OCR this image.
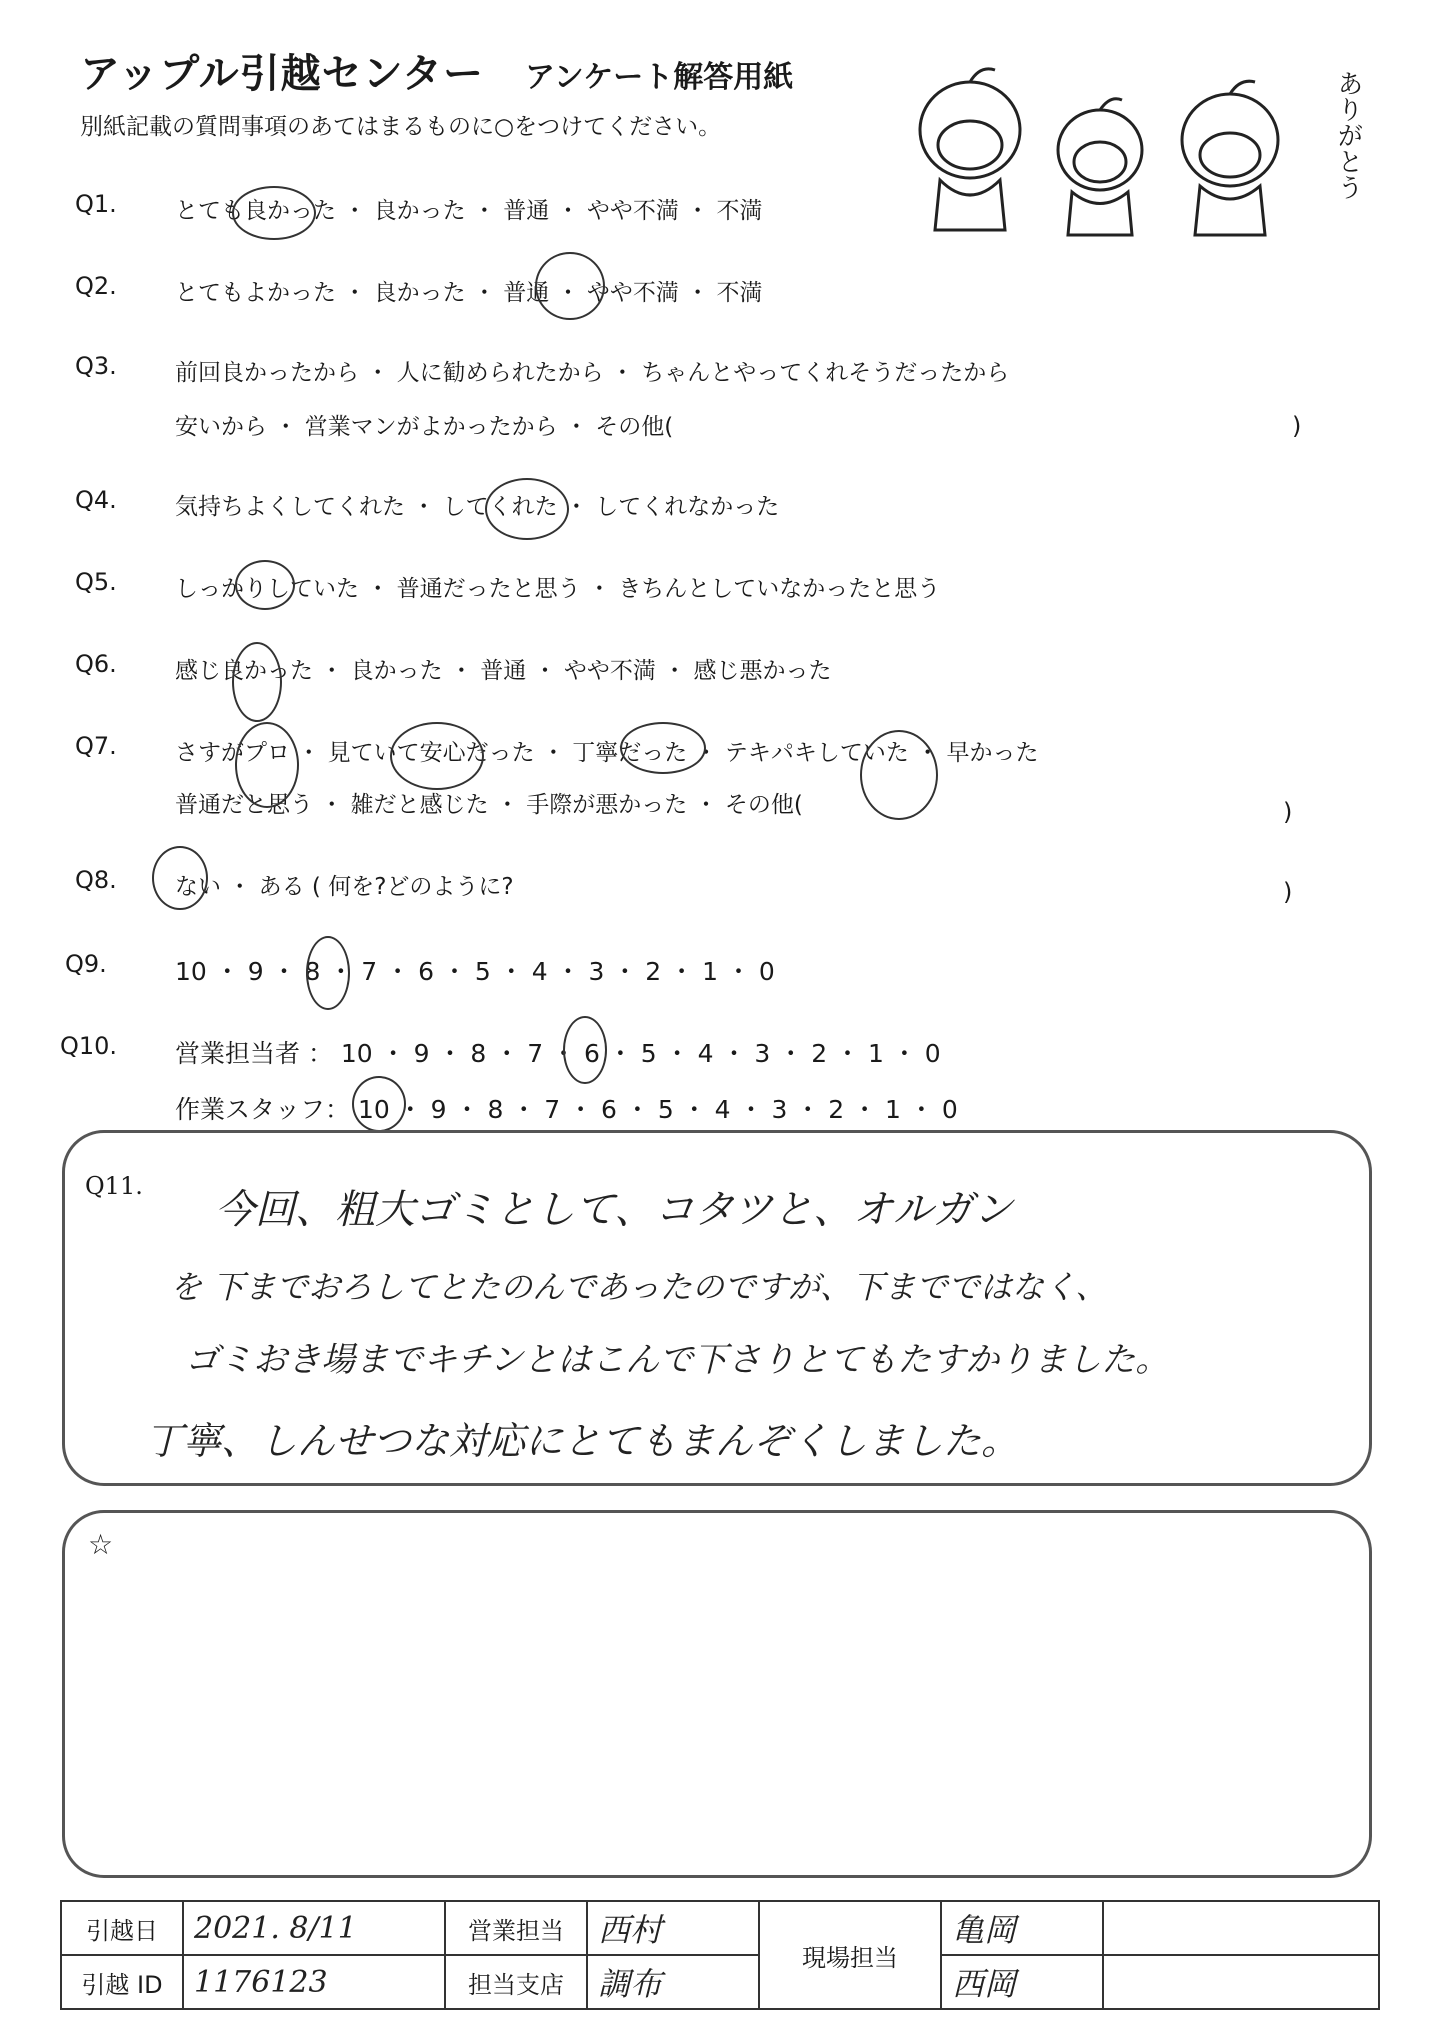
アップル引越センター アンケート解答用紙
別紙記載の質問事項のあてはまるものに○をつけてください。	ありがとう
Q1.	とても良かった ・ 良かった ・ 普通 ・ やや不満 ・ 不満
Q2.	とてもよかった ・ 良かった ・ 普通 ・ やや不満 ・ 不満
Q3.	前回良かったから ・ 人に勧められたから ・ ちゃんとやってくれそうだったから
安いから ・ 営業マンがよかったから ・ その他(	)
Q4.	気持ちよくしてくれた ・ してくれた ・ してくれなかった
Q5.	しっかりしていた ・ 普通だったと思う ・ きちんとしていなかったと思う
Q6.	感じ良かった ・ 良かった ・ 普通 ・ やや不満 ・ 感じ悪かった
Q7.	さすがプロ ・ 見ていて安心だった ・ 丁寧だった ・ テキパキしていた ・ 早かった
普通だと思う ・ 雑だと感じた ・ 手際が悪かった ・ その他(	)
Q8.	ない ・ ある ( 何を?どのように?	)
Q9.	10 ・ 9 ・ 8 ・ 7 ・ 6 ・ 5 ・ 4 ・ 3 ・ 2 ・ 1 ・ 0
Q10. 営業担当者 ： 10 ・ 9 ・ 8 ・ 7 ・ 6 ・ 5 ・ 4 ・ 3 ・ 2 ・ 1 ・ 0
作業スタッフ： 10 ・ 9 ・ 8 ・ 7 ・ 6 ・ 5 ・ 4 ・ 3 ・ 2 ・ 1 ・ 0
Q11.
今回、粗大ゴミとして、コタツと、オルガン
を 下までおろしてとたのんであったのですが、下までではなく、
ゴミおき場までキチンとはこんで下さりとてもたすかりました。
丁寧、しんせつな対応にとてもまんぞくしました。
☆
引越日	2021. 8/11	営業担当	西村	現場担当	亀岡	
引越 ID	1176123	担当支店	調布		西岡	
